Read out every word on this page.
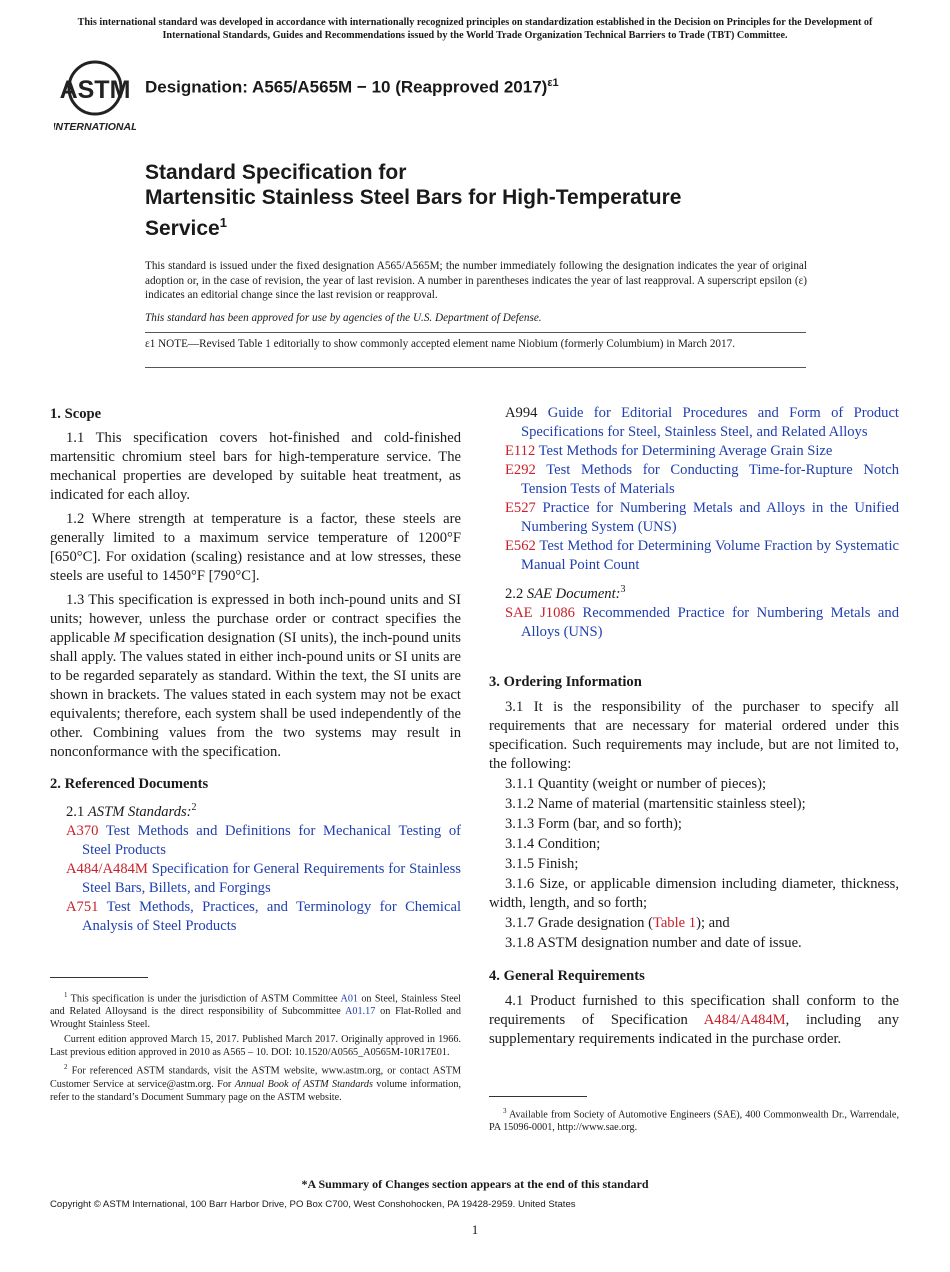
This international standard was developed in accordance with internationally recognized principles on standardization established in the Decision on Principles for the Development of International Standards, Guides and Recommendations issued by the World Trade Organization Technical Barriers to Trade (TBT) Committee.
ASTM
INTERNATIONAL
Designation: A565/A565M − 10 (Reapproved 2017)$^{\varepsilon 1}$
Standard Specification for
Martensitic Stainless Steel Bars for High-Temperature
Service$^1$
This standard is issued under the fixed designation A565/A565M; the number immediately following the designation indicates the year of original adoption or, in the case of revision, the year of last revision. A number in parentheses indicates the year of last reapproval. A superscript epsilon (ε) indicates an editorial change since the last revision or reapproval.
This standard has been approved for use by agencies of the U.S. Department of Defense.
ε1 NOTE—Revised Table 1 editorially to show commonly accepted element name Niobium (formerly Columbium) in March 2017.

1. Scope

1.1 This specification covers hot-finished and cold-finished martensitic chromium steel bars for high-temperature service. The mechanical properties are developed by suitable heat treatment, as indicated for each alloy.

1.2 Where strength at temperature is a factor, these steels are generally limited to a maximum service temperature of 1200°F [650°C]. For oxidation (scaling) resistance and at low stresses, these steels are useful to 1450°F [790°C].

1.3 This specification is expressed in both inch-pound units and SI units; however, unless the purchase order or contract specifies the applicable M specification designation (SI units), the inch-pound units shall apply. The values stated in either inch-pound units or SI units are to be regarded separately as standard. Within the text, the SI units are shown in brackets. The values stated in each system may not be exact equivalents; therefore, each system shall be used independently of the other. Combining values from the two systems may result in nonconformance with the specification.

2. Referenced Documents

2.1 ASTM Standards:$^2$

A370 Test Methods and Definitions for Mechanical Testing of Steel Products

A484/A484M Specification for General Requirements for Stainless Steel Bars, Billets, and Forgings

A751 Test Methods, Practices, and Terminology for Chemical Analysis of Steel Products

$^1$ This specification is under the jurisdiction of ASTM Committee A01 on Steel, Stainless Steel and Related Alloysand is the direct responsibility of Subcommittee A01.17 on Flat-Rolled and Wrought Stainless Steel.

Current edition approved March 15, 2017. Published March 2017. Originally approved in 1966. Last previous edition approved in 2010 as A565 – 10. DOI: 10.1520/A0565_A0565M-10R17E01.

$^2$ For referenced ASTM standards, visit the ASTM website, www.astm.org, or contact ASTM Customer Service at service@astm.org. For Annual Book of ASTM Standards volume information, refer to the standard’s Document Summary page on the ASTM website.

A994 Guide for Editorial Procedures and Form of Product Specifications for Steel, Stainless Steel, and Related Alloys

E112 Test Methods for Determining Average Grain Size

E292 Test Methods for Conducting Time-for-Rupture Notch Tension Tests of Materials

E527 Practice for Numbering Metals and Alloys in the Unified Numbering System (UNS)

E562 Test Method for Determining Volume Fraction by Systematic Manual Point Count

2.2 SAE Document:$^3$

SAE J1086 Recommended Practice for Numbering Metals and Alloys (UNS)

3. Ordering Information

3.1 It is the responsibility of the purchaser to specify all requirements that are necessary for material ordered under this specification. Such requirements may include, but are not limited to, the following:

3.1.1 Quantity (weight or number of pieces);

3.1.2 Name of material (martensitic stainless steel);

3.1.3 Form (bar, and so forth);

3.1.4 Condition;

3.1.5 Finish;

3.1.6 Size, or applicable dimension including diameter, thickness, width, length, and so forth;

3.1.7 Grade designation (Table 1); and

3.1.8 ASTM designation number and date of issue.

4. General Requirements

4.1 Product furnished to this specification shall conform to the requirements of Specification A484/A484M, including any supplementary requirements indicated in the purchase order.

$^3$ Available from Society of Automotive Engineers (SAE), 400 Commonwealth Dr., Warrendale, PA 15096-0001, http://www.sae.org.

*A Summary of Changes section appears at the end of this standard
Copyright © ASTM International, 100 Barr Harbor Drive, PO Box C700, West Conshohocken, PA 19428-2959. United States
1
